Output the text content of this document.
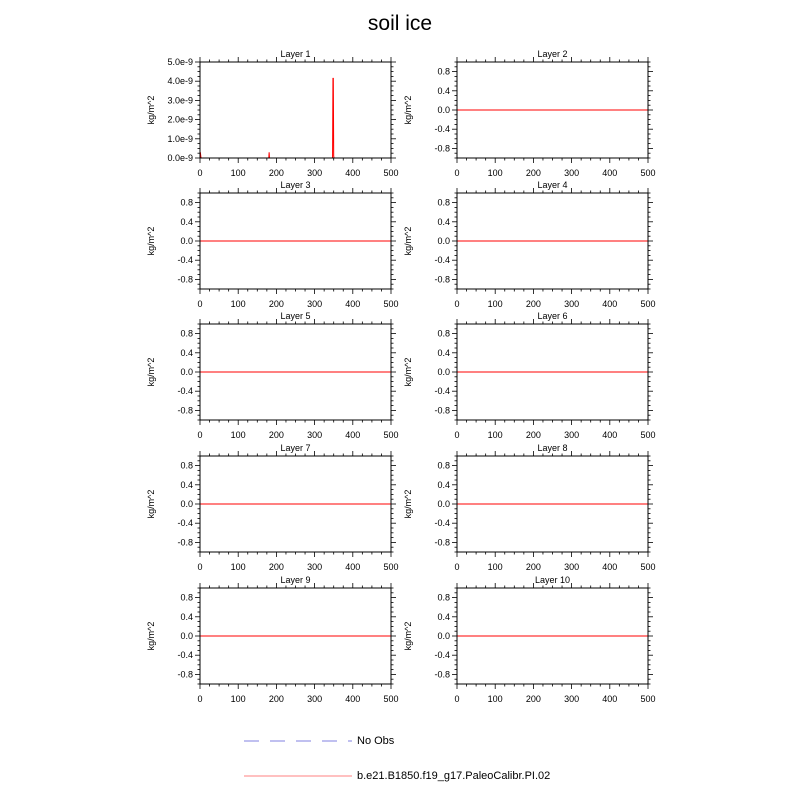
soil ice
Layer 1
kg/m^2
0	100	200	300	400	500
0.0e-9
1.0e-9
2.0e-9
3.0e-9
4.0e-9
5.0e-9
Layer 2
kg/m^2
0	100	200	300	400	500
-0.8
-0.4
0.0
0.4
0.8
Layer 3
kg/m^2
0	100	200	300	400	500
-0.8
-0.4
0.0
0.4
0.8
Layer 4
kg/m^2
0	100	200	300	400	500
-0.8
-0.4
0.0
0.4
0.8
Layer 5
kg/m^2
0	100	200	300	400	500
-0.8
-0.4
0.0
0.4
0.8
Layer 6
kg/m^2
0	100	200	300	400	500
-0.8
-0.4
0.0
0.4
0.8
Layer 7
kg/m^2
0	100	200	300	400	500
-0.8
-0.4
0.0
0.4
0.8
Layer 8
kg/m^2
0	100	200	300	400	500
-0.8
-0.4
0.0
0.4
0.8
Layer 9
kg/m^2
0	100	200	300	400	500
-0.8
-0.4
0.0
0.4
0.8
Layer 10
kg/m^2
0	100	200	300	400	500
-0.8
-0.4
0.0
0.4
0.8
No Obs
b.e21.B1850.f19_g17.PaleoCalibr.PI.02
